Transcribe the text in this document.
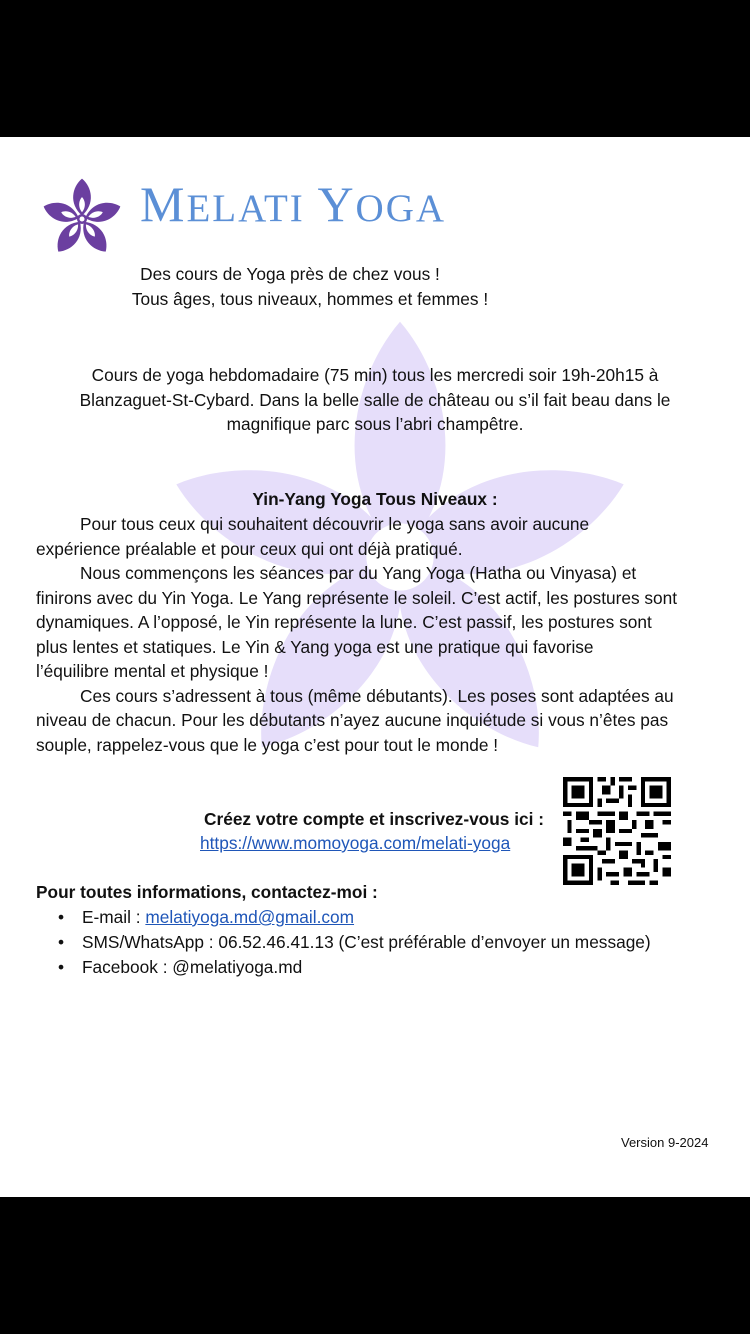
MELATI YOGA
Des cours de Yoga près de chez vous !
Tous âges, tous niveaux, hommes et femmes !
Cours de yoga hebdomadaire (75 min) tous les mercredi soir 19h-20h15 à
Blanzaguet-St-Cybard. Dans la belle salle de château ou s’il fait beau dans le
magnifique parc sous l’abri champêtre.
Yin-Yang Yoga Tous Niveaux :

Pour tous ceux qui souhaitent découvrir le yoga sans avoir aucune

expérience préalable et pour ceux qui ont déjà pratiqué.

Nous commençons les séances par du Yang Yoga (Hatha ou Vinyasa) et

finirons avec du Yin Yoga. Le Yang représente le soleil. C’est actif, les postures sont

dynamiques. A l’opposé, le Yin représente la lune. C’est passif, les postures sont

plus lentes et statiques. Le Yin & Yang yoga est une pratique qui favorise

l’équilibre mental et physique !

Ces cours s’adressent à tous (même débutants). Les poses sont adaptées au

niveau de chacun. Pour les débutants n’ayez aucune inquiétude si vous n’êtes pas

souple, rappelez-vous que le yoga c’est pour tout le monde !

Créez votre compte et inscrivez-vous ici :
https://www.momoyoga.com/melati-yoga
Pour toutes informations, contactez-moi :
• E-mail : melatiyoga.md@gmail.com
• SMS/WhatsApp : 06.52.46.41.13 (C’est préférable d’envoyer un message)
• Facebook : @melatiyoga.md
Version 9-2024
